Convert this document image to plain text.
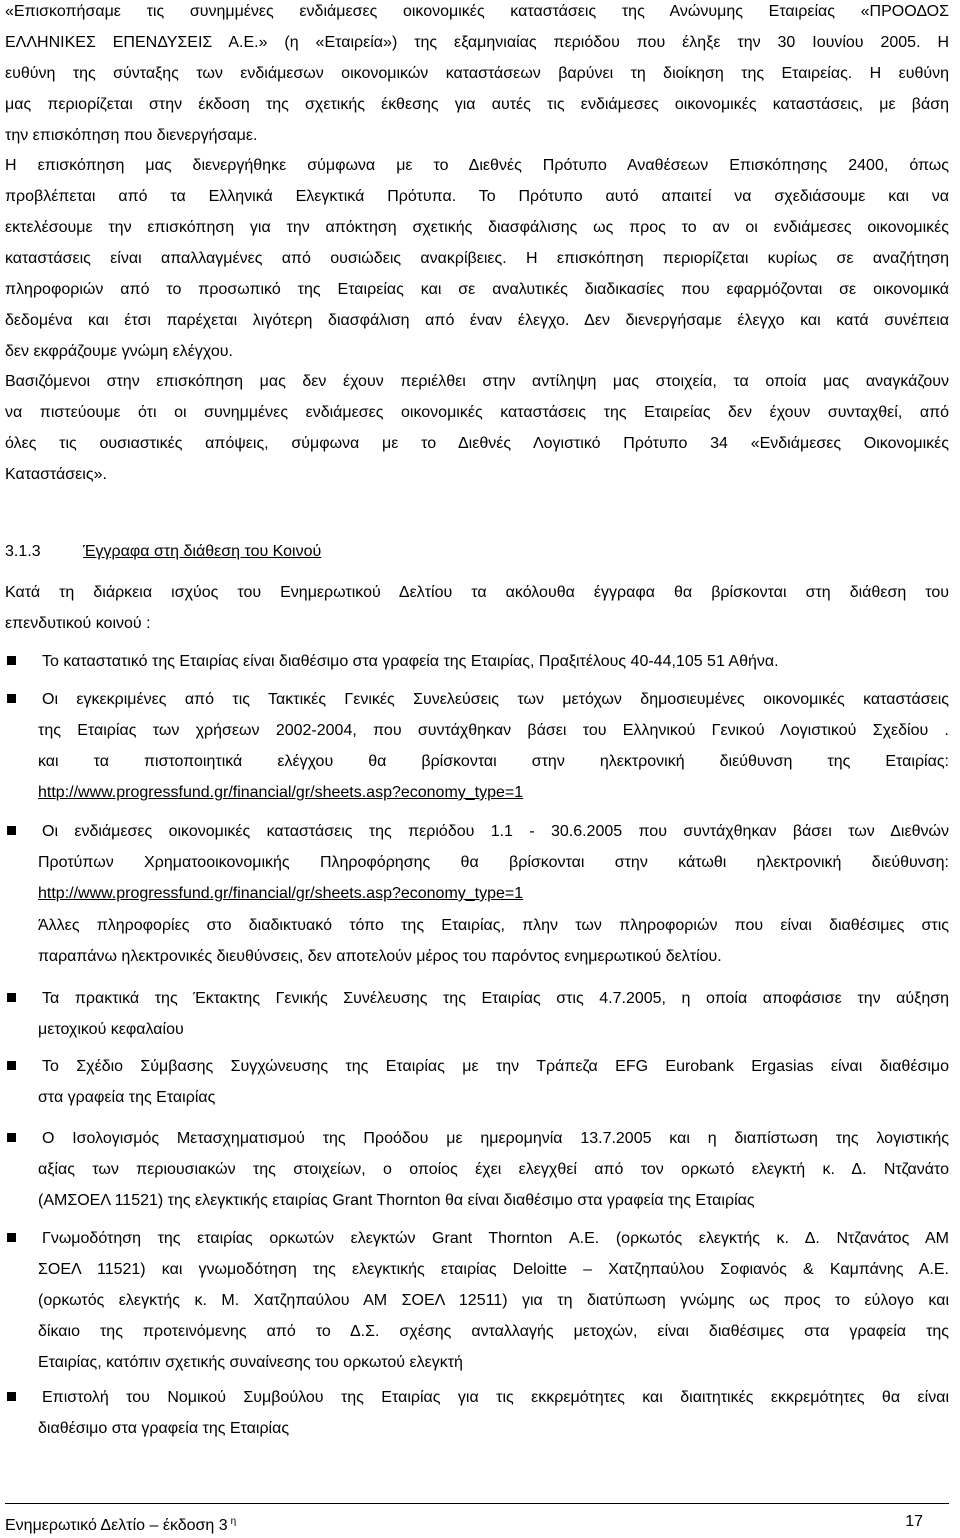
«Επισκοπήσαμε τις συνημμένες ενδιάμεσες οικονομικές καταστάσεις της Ανώνυμης Εταιρείας «ΠΡΟΟΔΟΣ
ΕΛΛΗΝΙΚΕΣ ΕΠΕΝΔΥΣΕΙΣ Α.Ε.» (η «Εταιρεία») της εξαμηνιαίας περιόδου που έληξε την 30 Ιουνίου 2005. Η
ευθύνη της σύνταξης των ενδιάμεσων οικονομικών καταστάσεων βαρύνει τη διοίκηση της Εταιρείας. Η ευθύνη
μας περιορίζεται στην έκδοση της σχετικής έκθεσης για αυτές τις ενδιάμεσες οικονομικές καταστάσεις, με βάση
την επισκόπηση που διενεργήσαμε.
Η επισκόπηση μας διενεργήθηκε σύμφωνα με το Διεθνές Πρότυπο Αναθέσεων Επισκόπησης 2400, όπως
προβλέπεται από τα Ελληνικά Ελεγκτικά Πρότυπα. Το Πρότυπο αυτό απαιτεί να σχεδιάσουμε και να
εκτελέσουμε την επισκόπηση για την απόκτηση σχετικής διασφάλισης ως προς το αν οι ενδιάμεσες οικονομικές
καταστάσεις είναι απαλλαγμένες από ουσιώδεις ανακρίβειες. Η επισκόπηση περιορίζεται κυρίως σε αναζήτηση
πληροφοριών από το προσωπικό της Εταιρείας και σε αναλυτικές διαδικασίες που εφαρμόζονται σε οικονομικά
δεδομένα και έτσι παρέχεται λιγότερη διασφάλιση από έναν έλεγχο. Δεν διενεργήσαμε έλεγχο και κατά συνέπεια
δεν εκφράζουμε γνώμη ελέγχου.
Βασιζόμενοι στην επισκόπηση μας δεν έχουν περιέλθει στην αντίληψη μας στοιχεία, τα οποία μας αναγκάζουν
να πιστεύουμε ότι οι συνημμένες ενδιάμεσες οικονομικές καταστάσεις της Εταιρείας δεν έχουν συνταχθεί, από
όλες τις ουσιαστικές απόψεις, σύμφωνα με το Διεθνές Λογιστικό Πρότυπο 34 «Ενδιάμεσες Οικονομικές
Καταστάσεις».
3.1.3	Έγγραφα στη διάθεση του Κοινού
Κατά τη διάρκεια ισχύος του Ενημερωτικού Δελτίου τα ακόλουθα έγγραφα θα βρίσκονται στη διάθεση του
επενδυτικού κοινού :
Το καταστατικό της Εταιρίας είναι διαθέσιμο στα γραφεία της Εταιρίας, Πραξιτέλους 40-44,105 51 Αθήνα.
Οι εγκεκριμένες από τις Τακτικές Γενικές Συνελεύσεις των μετόχων δημοσιευμένες οικονομικές καταστάσεις
της Εταιρίας των χρήσεων 2002-2004, που συντάχθηκαν βάσει του Ελληνικού Γενικού Λογιστικού Σχεδίου .
και τα πιστοποιητικά ελέγχου θα βρίσκονται στην ηλεκτρονική διεύθυνση της Εταιρίας:
http://www.progressfund.gr/financial/gr/sheets.asp?economy_type=1
Οι ενδιάμεσες οικονομικές καταστάσεις της περιόδου 1.1 - 30.6.2005 που συντάχθηκαν βάσει των Διεθνών
Προτύπων Χρηματοοικονομικής Πληροφόρησης θα βρίσκονται στην κάτωθι ηλεκτρονική διεύθυνση:
http://www.progressfund.gr/financial/gr/sheets.asp?economy_type=1
Άλλες πληροφορίες στο διαδικτυακό τόπο της Εταιρίας, πλην των πληροφοριών που είναι διαθέσιμες στις
παραπάνω ηλεκτρονικές διευθύνσεις, δεν αποτελούν μέρος του παρόντος ενημερωτικού δελτίου.
Τα πρακτικά της Έκτακτης Γενικής Συνέλευσης της Εταιρίας στις 4.7.2005, η οποία αποφάσισε την αύξηση
μετοχικού κεφαλαίου
Το Σχέδιο Σύμβασης Συγχώνευσης της Εταιρίας με την Τράπεζα EFG Eurobank Ergasias είναι διαθέσιμο
στα γραφεία της Εταιρίας
Ο Ισολογισμός Μετασχηματισμού της Προόδου με ημερομηνία 13.7.2005 και η διαπίστωση της λογιστικής
αξίας των περιουσιακών της στοιχείων, ο οποίος έχει ελεγχθεί από τον ορκωτό ελεγκτή κ. Δ. Ντζανάτο
(ΑΜΣΟΕΛ 11521) της ελεγκτικής εταιρίας Grant Thornton θα είναι διαθέσιμο στα γραφεία της Εταιρίας
Γνωμοδότηση της εταιρίας ορκωτών ελεγκτών Grant Thornton Α.Ε. (ορκωτός ελεγκτής κ. Δ. Ντζανάτος ΑΜ
ΣΟΕΛ 11521) και γνωμοδότηση της ελεγκτικής εταιρίας Deloitte – Χατζηπαύλου Σοφιανός & Καμπάνης Α.Ε.
(ορκωτός ελεγκτής κ. Μ. Χατζηπαύλου ΑΜ ΣΟΕΛ 12511) για τη διατύπωση γνώμης ως προς το εύλογο και
δίκαιο της προτεινόμενης από το Δ.Σ. σχέσης ανταλλαγής μετοχών, είναι διαθέσιμες στα γραφεία της
Εταιρίας, κατόπιν σχετικής συναίνεσης του ορκωτού ελεγκτή
Επιστολή του Νομικού Συμβούλου της Εταιρίας για τις εκκρεμότητες και διαιτητικές εκκρεμότητες θα είναι
διαθέσιμο στα γραφεία της Εταιρίας
Ενημερωτικό Δελτίο – έκδοση 3 $^\eta$	17
